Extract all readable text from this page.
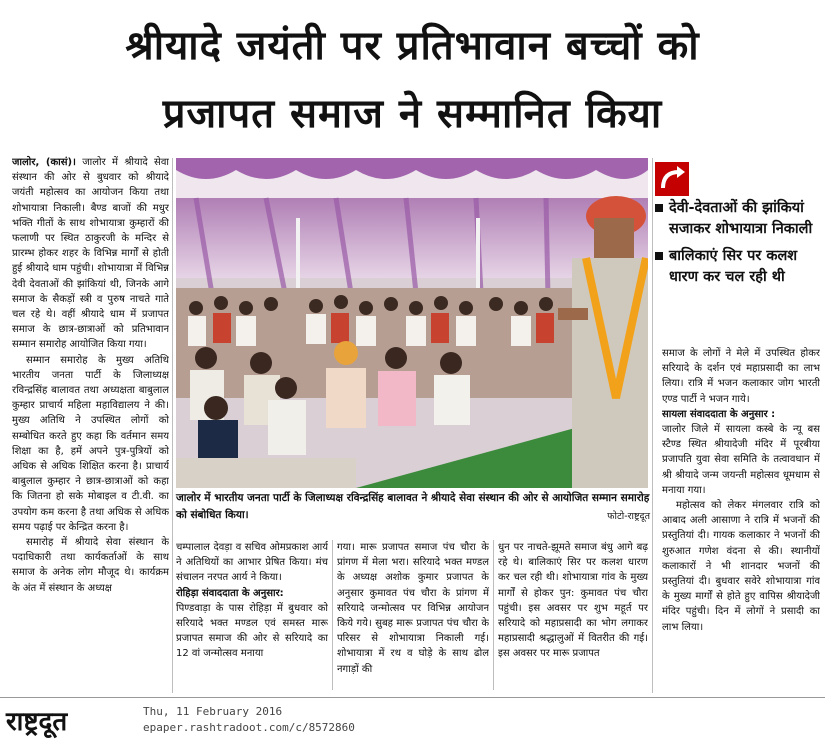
श्रीयादे जयंती पर प्रतिभावान बच्चों को
प्रजापत समाज ने सम्मानित किया

जालोर, (कासं)। जालोर में श्रीयादे सेवा संस्थान की ओर से बुधवार को श्रीयादे जयंती महोत्सव का आयोजन किया तथा शोभायात्रा निकाली। बैण्ड बाजों की मधुर भक्ति गीतों के साथ शोभायात्रा कुम्हारों की फलाणी पर स्थित ठाकुरजी के मन्दिर से प्रारम्भ होकर शहर के विभिन्न मार्गों से होती हुई श्रीयादे धाम पहुंची। शोभायात्रा में विभिन्न देवी देवताओं की झांकियां थी, जिनके आगे समाज के सैकड़ों स्त्री व पुरुष नाचते गाते चल रहे थे। वहीं श्रीयादे धाम में प्रजापत समाज के छात्र-छात्राओं को प्रतिभावान सम्मान समारोह आयोजित किया गया।

सम्मान समारोह के मुख्य अतिथि भारतीय जनता पार्टी के जिलाध्यक्ष रविन्द्रसिंह बालावत तथा अध्यक्षता बाबुलाल कुम्हार प्राचार्य महिला महाविद्यालय ने की। मुख्य अतिथि ने उपस्थित लोगों को सम्बोधित करते हुए कहा कि वर्तमान समय शिक्षा का है, हमें अपने पुत्र-पुत्रियों को अधिक से अधिक शिक्षित करना है। प्राचार्य बाबुलाल कुम्हार ने छात्र-छात्राओं को कहा कि जितना हो सके मोबाइल व टी.वी. का उपयोग कम करना है तथा अधिक से अधिक समय पढ़ाई पर केन्द्रित करना है।

समारोह में श्रीयादे सेवा संस्थान के पदाधिकारी तथा कार्यकर्ताओं के साथ समाज के अनेक लोग मौजूद थे। कार्यक्रम के अंत में संस्थान के अध्यक्ष

जालोर में भारतीय जनता पार्टी के जिलाध्यक्ष रविन्द्रसिंह बालावत ने श्रीयादे सेवा संस्थान की ओर से आयोजित सम्मान समारोह को संबोधित किया।	फोटो-राष्ट्रदूत
देवी-देवताओं की झांकियां सजाकर शोभायात्रा निकाली
बालिकाएं सिर पर कलश धारण कर चल रही थी

समाज के लोगों ने मेले में उपस्थित होकर सरियादे के दर्शन एवं महाप्रसादी का लाभ लिया। रात्रि में भजन कलाकार जोग भारती एण्ड पार्टी ने भजन गाये।

सायला संवाददाता के अनुसार :

जालोर जिले में सायला कस्बे के न्यू बस स्टैण्ड स्थित श्रीयादेजी मंदिर में पूरबीया प्रजापति युवा सेवा समिति के तत्वावधान में श्री श्रीयादे जन्म जयन्ती महोत्सव धूमधाम से मनाया गया।

महोत्सव को लेकर मंगलवार रात्रि को आबाद अली आसाणा ने रात्रि में भजनों की प्रस्तुतियां दी। गायक कलाकार ने भजनों की शुरुआत गणेश वंदना से की। स्थानीयों कलाकारों ने भी शानदार भजनों की प्रस्तुतियां दी। बुधवार सवेरे शोभायात्रा गांव के मुख्य मार्गों से होते हुए वापिस श्रीयादेजी मंदिर पहुंची। दिन में लोगों ने प्रसादी का लाभ लिया।

चम्पालाल देवड़ा व सचिव ओमप्रकाश आर्य ने अतिथियों का आभार प्रेषित किया। मंच संचालन नरपत आर्य ने किया।

रोहिड़ा संवाददाता के अनुसार:

पिण्डवाड़ा के पास रोहिड़ा में बुधवार को सरियादे भक्त मण्डल एवं समस्त मारू प्रजापत समाज की ओर से सरियादे का 12 वां जन्मोत्सव मनाया

गया। मारू प्रजापत समाज पंच चौरा के प्रांगण में मेला भरा। सरियादे भक्त मण्डल के अध्यक्ष अशोक कुमार प्रजापत के अनुसार कुमावत पंच चौरा के प्रांगण में सरियादे जन्मोत्सव पर विभिन्न आयोजन किये गये। सुबह मारू प्रजापत पंच चौरा के परिसर से शोभायात्रा निकाली गई। शोभायात्रा में रथ व घोड़े के साथ ढोल नगाड़ों की

धुन पर नाचते-झूमते समाज बंधु आगे बढ़ रहे थे। बालिकाएं सिर पर कलश धारण कर चल रही थी। शोभायात्रा गांव के मुख्य मार्गों से होकर पुन: कुमावत पंच चौरा पहुंची। इस अवसर पर शुभ महूर्त पर सरियादे को महाप्रसादी का भोग लगाकर महाप्रसादी श्रद्धालुओं में वितरीत की गई। इस अवसर पर मारू प्रजापत

राष्ट्रदूत	Thu, 11 February 2016
epaper.rashtradoot.com/c/8572860
